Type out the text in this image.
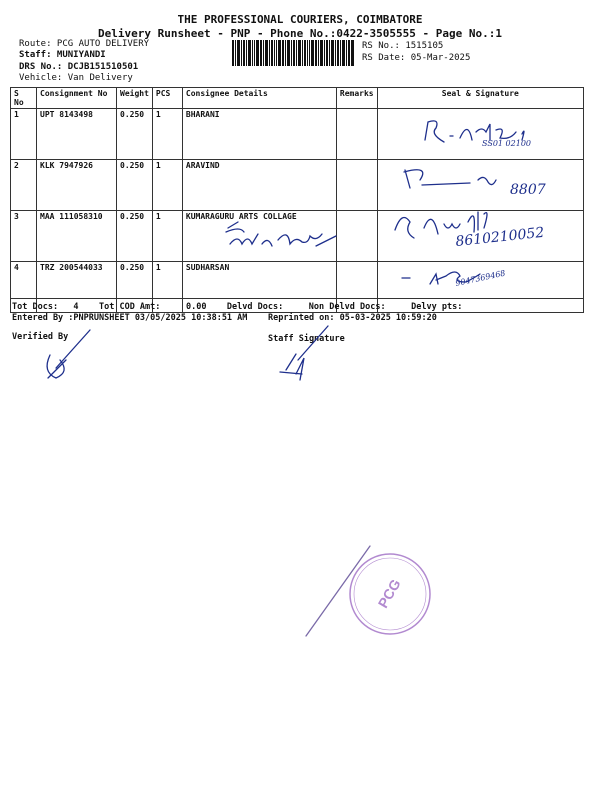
THE PROFESSIONAL COURIERS, COIMBATORE
Delivery Runsheet - PNP - Phone No.:0422-3505555 - Page No.:1
Route: PCG AUTO DELIVERY
Staff: MUNIYANDI
DRS No.: DCJB151510501
Vehicle: Van Delivery
RS No.: 1515105
RS Date: 05-Mar-2025
S No	Consignment No	Weight	PCS	Consignee Details	Remarks	Seal & Signature
1	UPT 8143498	0.250	1	BHARANI		
2	KLK 7947926	0.250	1	ARAVIND		
3	MAA 111058310	0.250	1	KUMARAGURU ARTS COLLAGE		
4	TRZ 200544033	0.250	1	SUDHARSAN		
Tot Docs:   4    Tot COD Amt:     0.00    Delvd Docs:     Non Delvd Docs:     Delvy pts:
Entered By :PNPRUNSHEET 03/05/2025 10:38:51 AM Reprinted on: 05-03-2025 10:59:20
Verified By	Staff Signature
SS01 02100
8807
8610210052
9047369468
PCG
